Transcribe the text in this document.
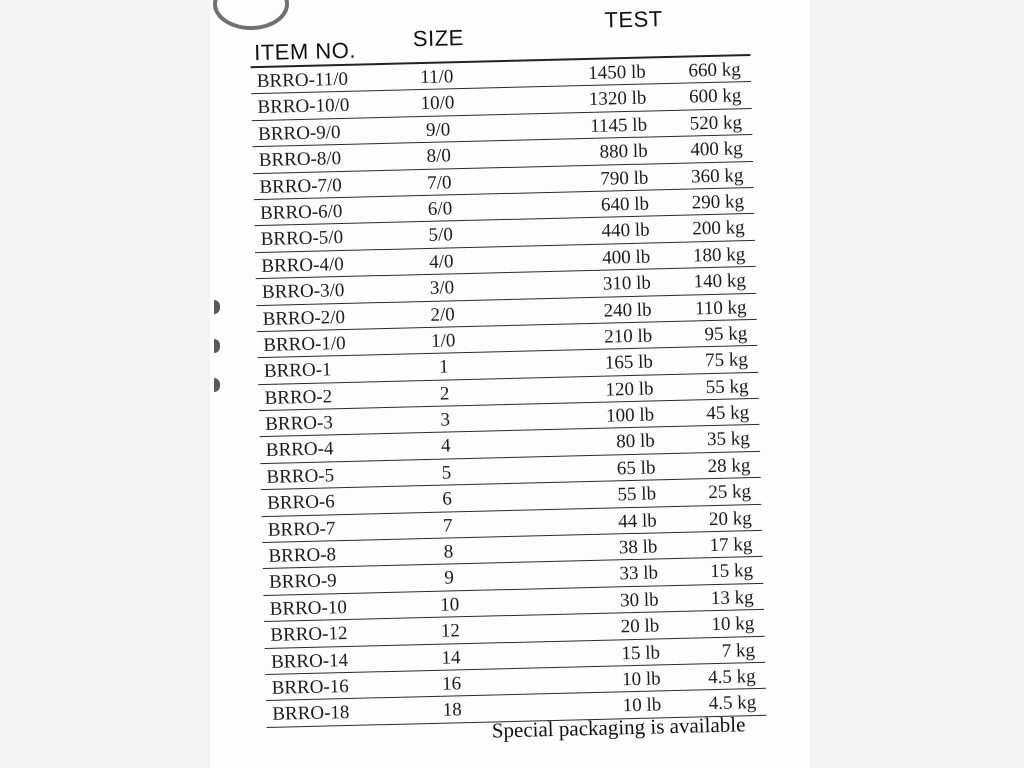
ITEM NO.	SIZE
TEST
BRRO-11/0	11/0	1450 lb	660 kg
BRRO-10/0	10/0	1320 lb	600 kg
BRRO-9/0	9/0	1145 lb	520 kg
BRRO-8/0	8/0	880 lb	400 kg
BRRO-7/0	7/0	790 lb	360 kg
BRRO-6/0	6/0	640 lb	290 kg
BRRO-5/0	5/0	440 lb	200 kg
BRRO-4/0	4/0	400 lb	180 kg
BRRO-3/0	3/0	310 lb	140 kg
BRRO-2/0	2/0	240 lb	110 kg
BRRO-1/0	1/0	210 lb	95 kg
BRRO-1	1	165 lb	75 kg
BRRO-2	2	120 lb	55 kg
BRRO-3	3	100 lb	45 kg
BRRO-4	4	80 lb	35 kg
BRRO-5	5	65 lb	28 kg
BRRO-6	6	55 lb	25 kg
BRRO-7	7	44 lb	20 kg
BRRO-8	8	38 lb	17 kg
BRRO-9	9	33 lb	15 kg
BRRO-10	10	30 lb	13 kg
BRRO-12	12	20 lb	10 kg
BRRO-14	14	15 lb	7 kg
BRRO-16	16	10 lb	4.5 kg
BRRO-18	18	10 lb	4.5 kg
Special packaging is available
